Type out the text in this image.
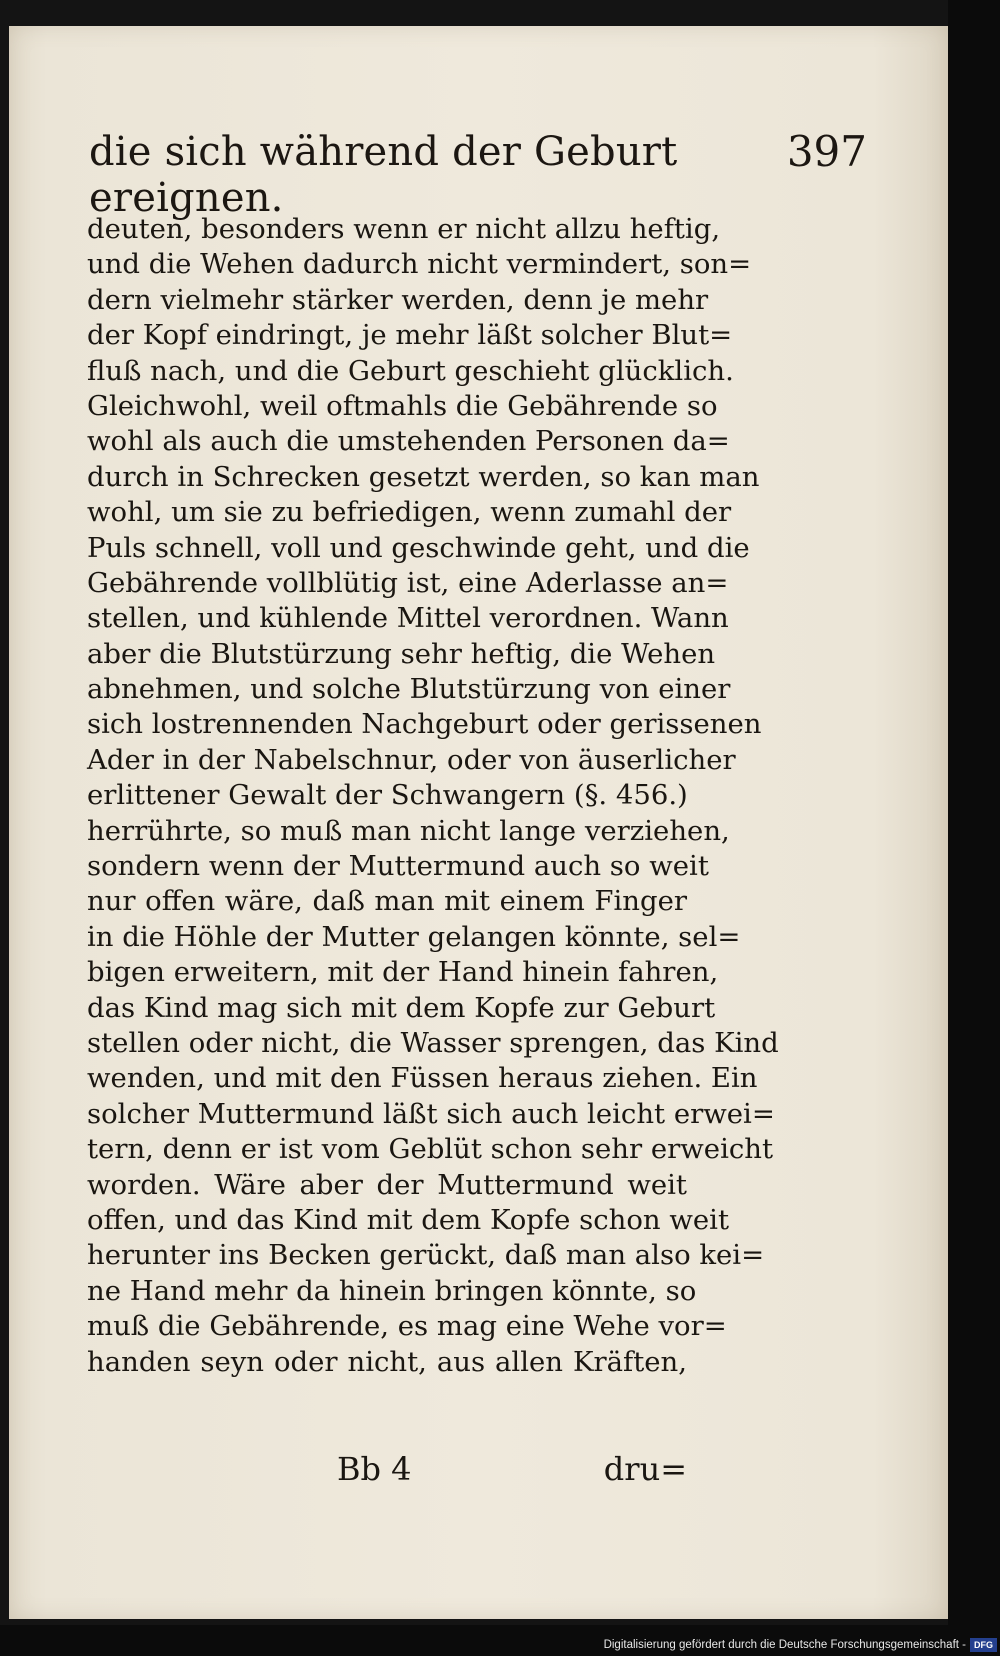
die sich während der Geburt ereignen.
397
deuten, besonders wenn er nicht allzu heftig,
und die Wehen dadurch nicht vermindert, son=
dern vielmehr stärker werden, denn je mehr
der Kopf eindringt, je mehr läßt solcher Blut=
fluß nach, und die Geburt geschieht glücklich.
Gleichwohl, weil oftmahls die Gebährende so
wohl als auch die umstehenden Personen da=
durch in Schrecken gesetzt werden, so kan man
wohl, um sie zu befriedigen, wenn zumahl der
Puls schnell, voll und geschwinde geht, und die
Gebährende vollblütig ist, eine Aderlasse an=
stellen, und kühlende Mittel verordnen. Wann
aber die Blutstürzung sehr heftig, die Wehen
abnehmen, und solche Blutstürzung von einer
sich lostrennenden Nachgeburt oder gerissenen
Ader in der Nabelschnur, oder von äuserlicher
erlittener Gewalt der Schwangern (§. 456.)
herrührte, so muß man nicht lange verziehen,
sondern wenn der Muttermund auch so weit
nur offen wäre, daß man mit einem Finger
in die Höhle der Mutter gelangen könnte, sel=
bigen erweitern, mit der Hand hinein fahren,
das Kind mag sich mit dem Kopfe zur Geburt
stellen oder nicht, die Wasser sprengen, das Kind
wenden, und mit den Füssen heraus ziehen. Ein
solcher Muttermund läßt sich auch leicht erwei=
tern, denn er ist vom Geblüt schon sehr erweicht
worden. Wäre aber der Muttermund weit
offen, und das Kind mit dem Kopfe schon weit
herunter ins Becken gerückt, daß man also kei=
ne Hand mehr da hinein bringen könnte, so
muß die Gebährende, es mag eine Wehe vor=
handen seyn oder nicht, aus allen Kräften,
Bb 4	dru=
Digitalisierung gefördert durch die Deutsche Forschungsgemeinschaft - DFG
